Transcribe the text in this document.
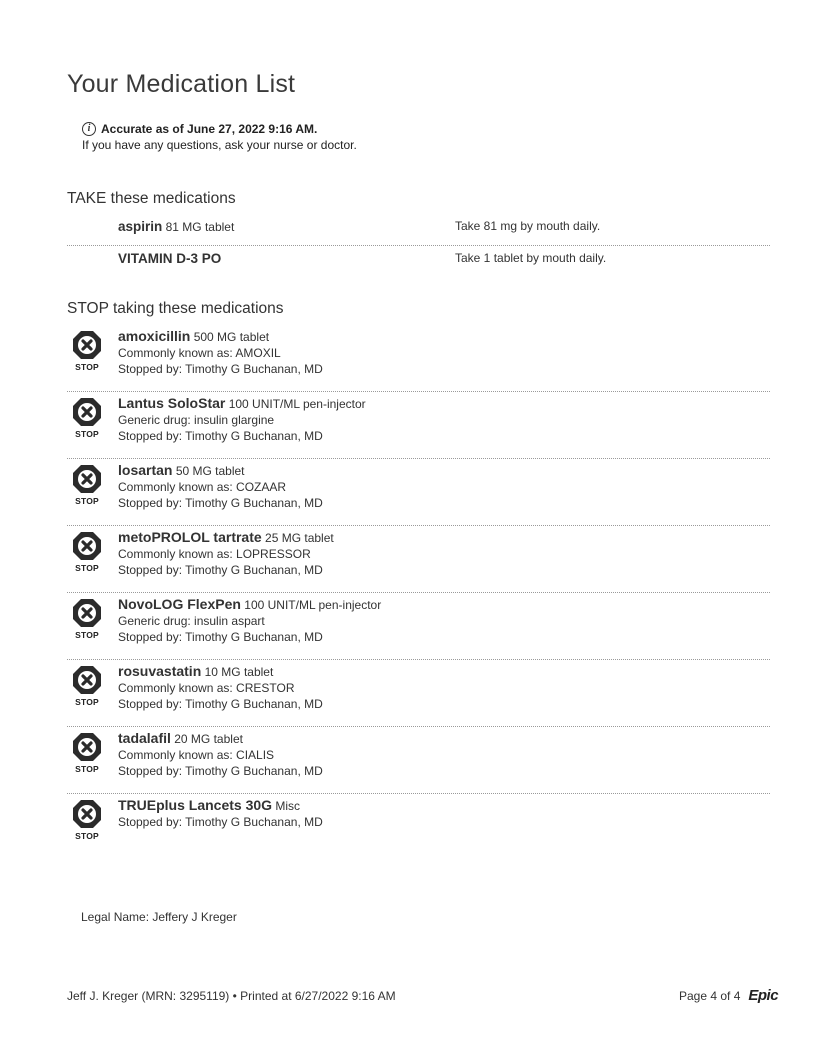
Your Medication List
i Accurate as of June 27, 2022 9:16 AM.
If you have any questions, ask your nurse or doctor.
TAKE these medications
aspirin 81 MG tablet	Take 81 mg by mouth daily.
VITAMIN D-3 PO	Take 1 tablet by mouth daily.
STOP taking these medications
STOP
amoxicillin 500 MG tablet
Commonly known as: AMOXIL
Stopped by: Timothy G Buchanan, MD
STOP
Lantus SoloStar 100 UNIT/ML pen-injector
Generic drug: insulin glargine
Stopped by: Timothy G Buchanan, MD
STOP
losartan 50 MG tablet
Commonly known as: COZAAR
Stopped by: Timothy G Buchanan, MD
STOP
metoPROLOL tartrate 25 MG tablet
Commonly known as: LOPRESSOR
Stopped by: Timothy G Buchanan, MD
STOP
NovoLOG FlexPen 100 UNIT/ML pen-injector
Generic drug: insulin aspart
Stopped by: Timothy G Buchanan, MD
STOP
rosuvastatin 10 MG tablet
Commonly known as: CRESTOR
Stopped by: Timothy G Buchanan, MD
STOP
tadalafil 20 MG tablet
Commonly known as: CIALIS
Stopped by: Timothy G Buchanan, MD
STOP
TRUEplus Lancets 30G Misc
Stopped by: Timothy G Buchanan, MD
Legal Name: Jeffery J Kreger
Jeff J. Kreger (MRN: 3295119) • Printed at 6/27/2022 9:16 AM	Page 4 of 4 Epic
